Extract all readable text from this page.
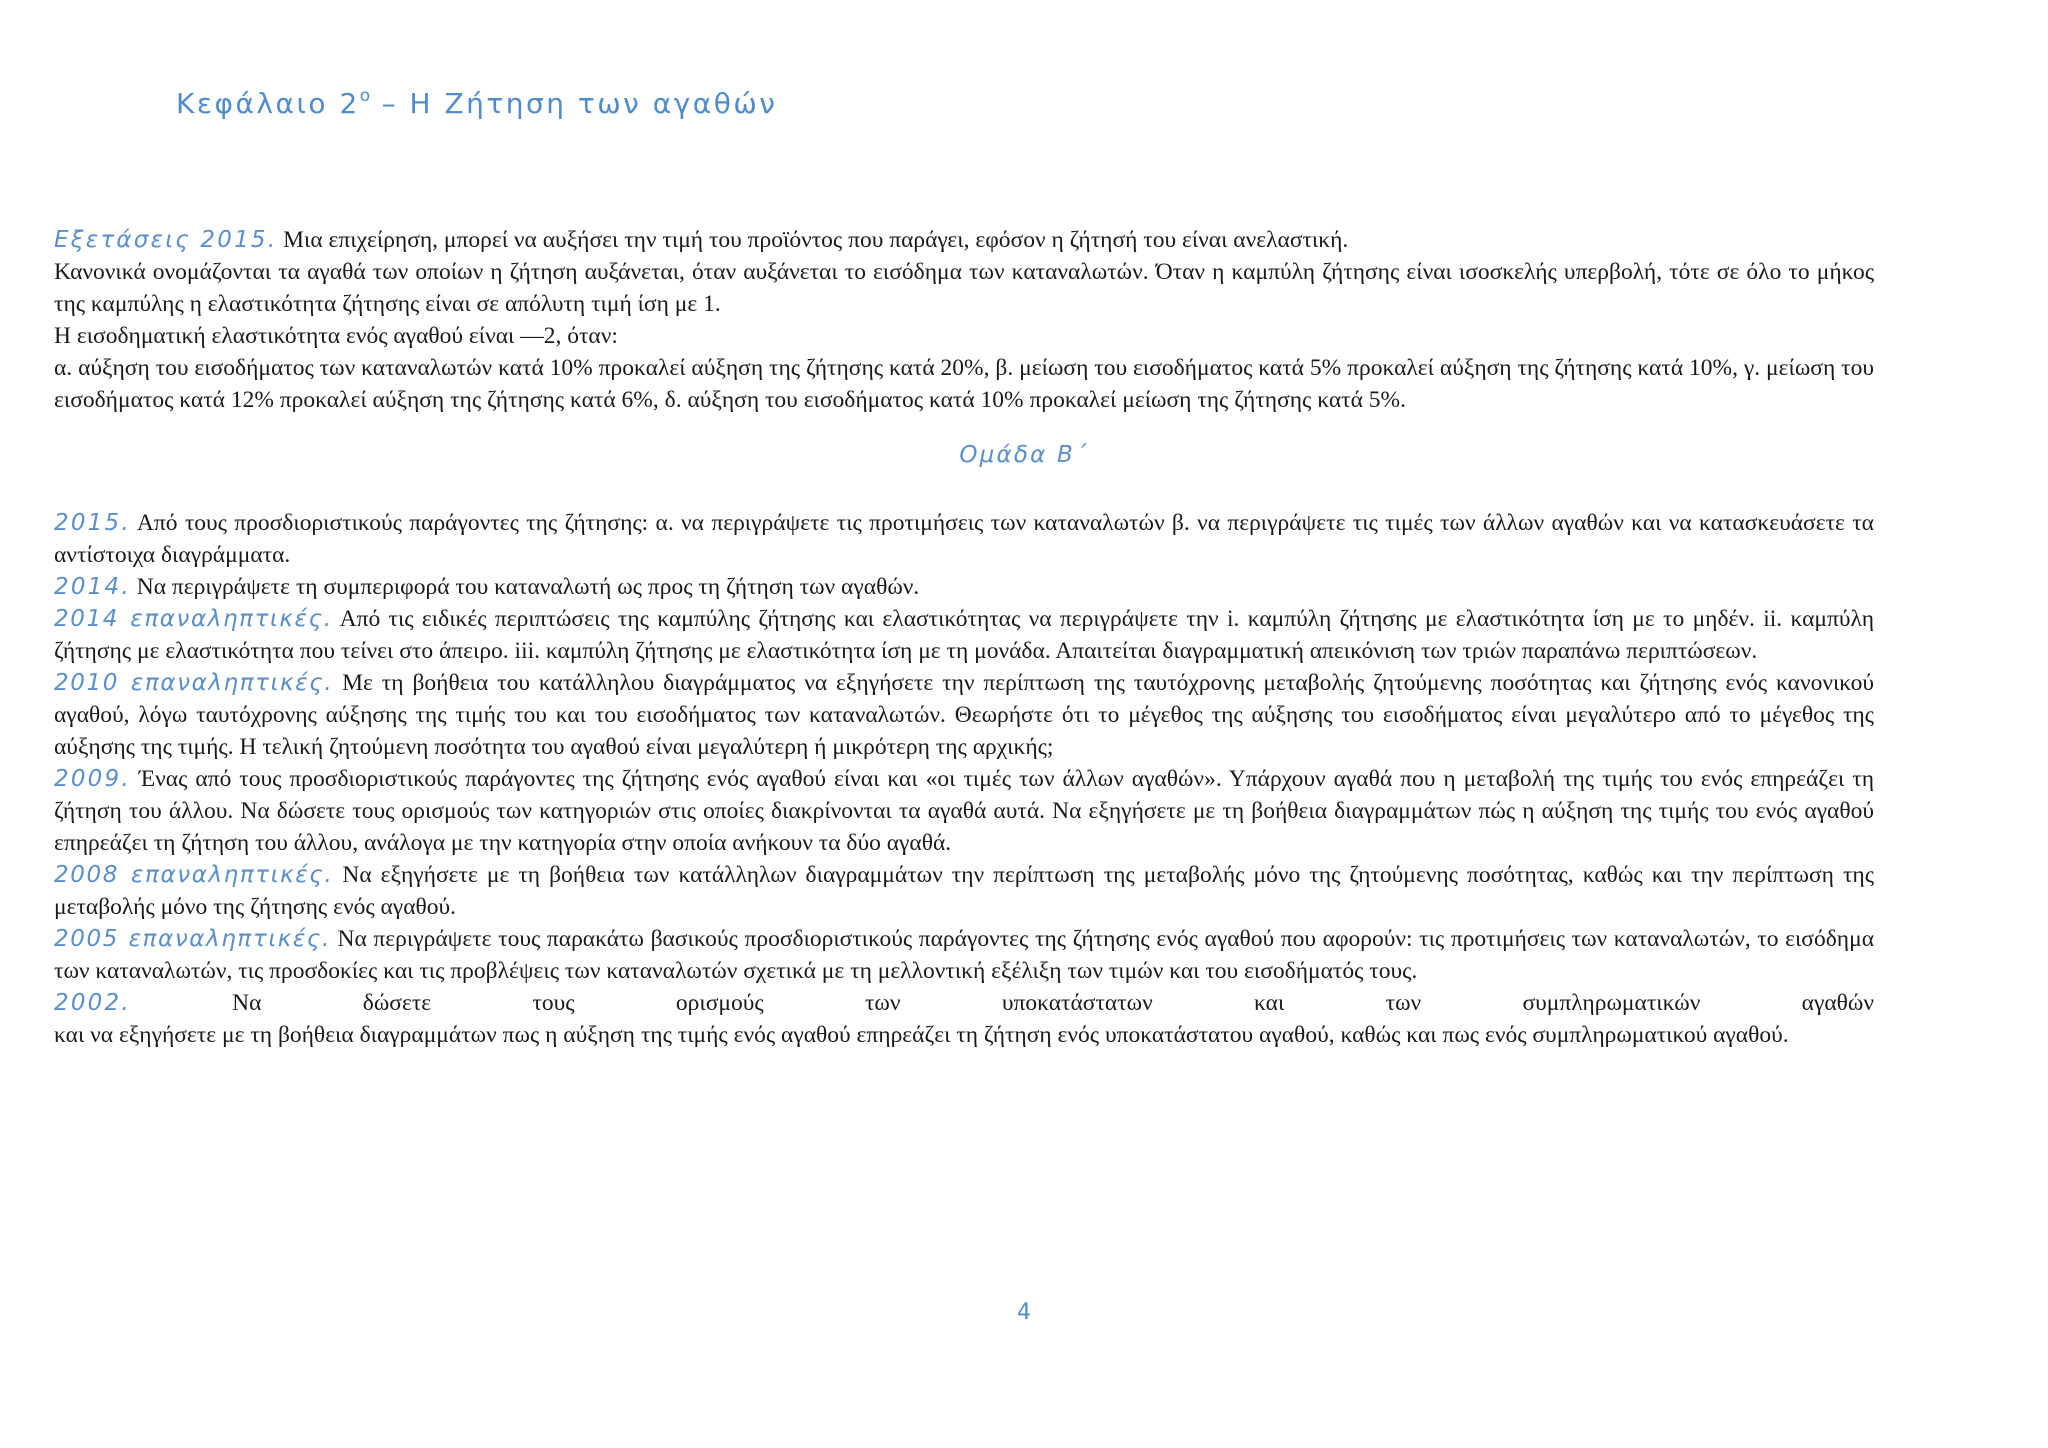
Κεφάλαιο $2^o$ – Η Ζήτηση των αγαθών

Εξετάσεις 2015. Μια επιχείρηση, μπορεί να αυξήσει την τιμή του προϊόντος που παράγει, εφόσον η ζήτησή του είναι ανελαστική.

Κανονικά ονομάζονται τα αγαθά των οποίων η ζήτηση αυξάνεται, όταν αυξάνεται το εισόδημα των καταναλωτών. Όταν η καμπύλη ζήτησης είναι ισοσκελής υπερβολή, τότε σε όλο το μήκος της καμπύλης η ελαστικότητα ζήτησης είναι σε απόλυτη τιμή ίση με 1.

Η εισοδηματική ελαστικότητα ενός αγαθού είναι —2, όταν:

α. αύξηση του εισοδήματος των καταναλωτών κατά 10% προκαλεί αύξηση της ζήτησης κατά 20%, β. μείωση του εισοδήματος κατά 5% προκαλεί αύξηση της ζήτησης κατά 10%, γ. μείωση του εισοδήματος κατά 12% προκαλεί αύξηση της ζήτησης κατά 6%, δ. αύξηση του εισοδήματος κατά 10% προκαλεί μείωση της ζήτησης κατά 5%.

Ομάδα Β΄

2015. Από τους προσδιοριστικούς παράγοντες της ζήτησης: α. να περιγράψετε τις προτιμήσεις των καταναλωτών β. να περιγράψετε τις τιμές των άλλων αγαθών και να κατασκευάσετε τα αντίστοιχα διαγράμματα.

2014. Να περιγράψετε τη συμπεριφορά του καταναλωτή ως προς τη ζήτηση των αγαθών.

2014 επαναληπτικές. Από τις ειδικές περιπτώσεις της καμπύλης ζήτησης και ελαστικότητας να περιγράψετε την i. καμπύλη ζήτησης με ελαστικότητα ίση με το μηδέν. ii. καμπύλη ζήτησης με ελαστικότητα που τείνει στο άπειρο. iii. καμπύλη ζήτησης με ελαστικότητα ίση με τη μονάδα. Απαιτείται διαγραμματική απεικόνιση των τριών παραπάνω περιπτώσεων.

2010 επαναληπτικές. Με τη βοήθεια του κατάλληλου διαγράμματος να εξηγήσετε την περίπτωση της ταυτόχρονης μεταβολής ζητούμενης ποσότητας και ζήτησης ενός κανονικού αγαθού, λόγω ταυτόχρονης αύξησης της τιμής του και του εισοδήματος των καταναλωτών. Θεωρήστε ότι το μέγεθος της αύξησης του εισοδήματος είναι μεγαλύτερο από το μέγεθος της αύξησης της τιμής. Η τελική ζητούμενη ποσότητα του αγαθού είναι μεγαλύτερη ή μικρότερη της αρχικής;

2009. Ένας από τους προσδιοριστικούς παράγοντες της ζήτησης ενός αγαθού είναι και «οι τιμές των άλλων αγαθών». Υπάρχουν αγαθά που η μεταβολή της τιμής του ενός επηρεάζει τη ζήτηση του άλλου. Να δώσετε τους ορισμούς των κατηγοριών στις οποίες διακρίνονται τα αγαθά αυτά. Να εξηγήσετε με τη βοήθεια διαγραμμάτων πώς η αύξηση της τιμής του ενός αγαθού επηρεάζει τη ζήτηση του άλλου, ανάλογα με την κατηγορία στην οποία ανήκουν τα δύο αγαθά.

2008 επαναληπτικές. Να εξηγήσετε με τη βοήθεια των κατάλληλων διαγραμμάτων την περίπτωση της μεταβολής μόνο της ζητούμενης ποσότητας, καθώς και την περίπτωση της μεταβολής μόνο της ζήτησης ενός αγαθού.

2005 επαναληπτικές. Να περιγράψετε τους παρακάτω βασικούς προσδιοριστικούς παράγοντες της ζήτησης ενός αγαθού που αφορούν: τις προτιμήσεις των καταναλωτών, το εισόδημα των καταναλωτών, τις προσδοκίες και τις προβλέψεις των καταναλωτών σχετικά με τη μελλοντική εξέλιξη των τιμών και του εισοδήματός τους.

2002. Να δώσετε τους ορισμούς των υποκατάστατων και των συμπληρωματικών αγαθών

και να εξηγήσετε με τη βοήθεια διαγραμμάτων πως η αύξηση της τιμής ενός αγαθού επηρεάζει τη ζήτηση ενός υποκατάστατου αγαθού, καθώς και πως ενός συμπληρωματικού αγαθού.

4
